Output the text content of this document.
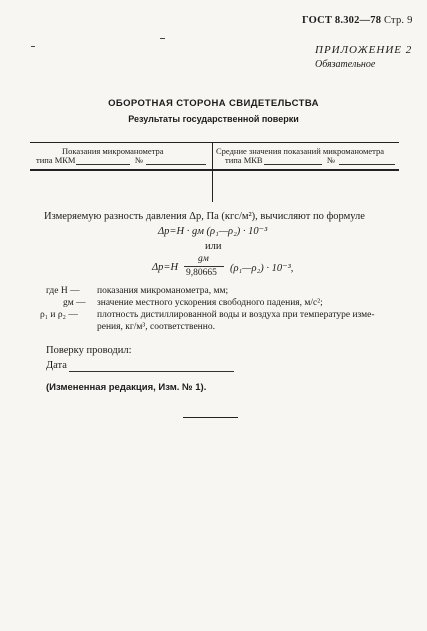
ГОСТ 8.302—78 Стр. 9
ПРИЛОЖЕНИЕ 2
Обязательное
ОБОРОТНАЯ СТОРОНА СВИДЕТЕЛЬСТВА
Результаты государственной поверки
Показания микроманометра
типа МКМ	№
Средние значения показаний микроманометра
типа МКВ	№
Измеряемую разность давления Δp, Па (кгс/м²), вычисляют по формуле
Δp=H · gм (ρ₁—ρ₂) · 10⁻³
или
Δp=H
gм
9,80665 (ρ₁—ρ₂) · 10⁻³,
где H — показания микроманометра, мм;
gм — значение местного ускорения свободного падения, м/с²;
ρ₁ и ρ₂ — плотность дистиллированной воды и воздуха при температуре изме-
рения, кг/м³, соответственно.
Поверку проводил:
Дата
(Измененная редакция, Изм. № 1).
